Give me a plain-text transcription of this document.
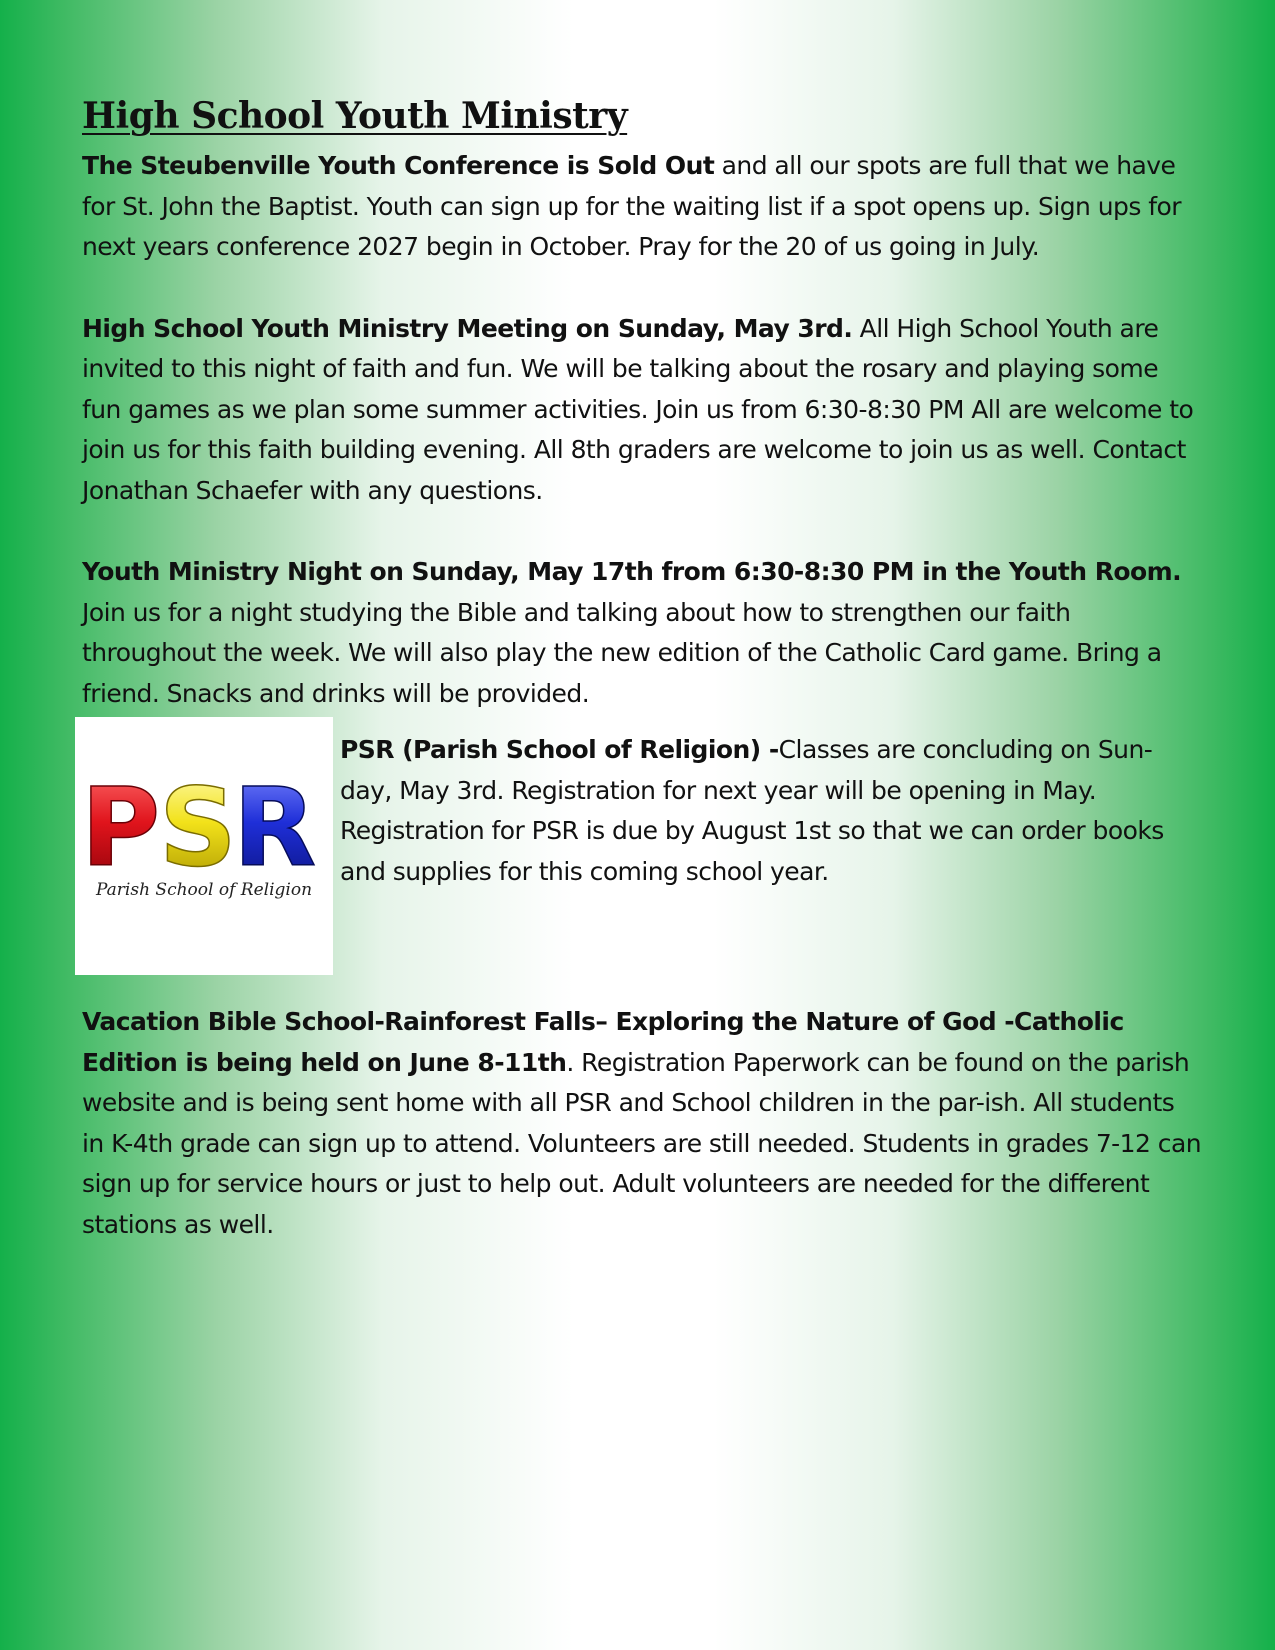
High School Youth Ministry

The Steubenville Youth Conference is Sold Out and all our spots are full that we have for St. John the Baptist. Youth can sign up for the waiting list if a spot opens up. Sign ups for next years conference 2027 begin in October. Pray for the 20 of us going in July.

High School Youth Ministry Meeting on Sunday, May 3rd. All High School Youth are invited to this night of faith and fun. We will be talking about the rosary and playing some fun games as we plan some summer activities. Join us from 6:30-8:30 PM All are welcome to join us for this faith building evening. All 8th graders are welcome to join us as well. Contact Jonathan Schaefer with any questions.

Youth Ministry Night on Sunday, May 17th from 6:30-8:30 PM in the Youth Room. Join us for a night studying the Bible and talking about how to strengthen our faith throughout the week. We will also play the new edition of the Catholic Card game. Bring a friend. Snacks and drinks will be provided.

P
S
R
Parish School of Religion

PSR (Parish School of Religion) -Classes are concluding on Sun-day, May 3rd. Registration for next year will be opening in May. Registration for PSR is due by August 1st so that we can order books and supplies for this coming school year.

Vacation Bible School-Rainforest Falls– Exploring the Nature of God -Catholic Edition is being held on June 8-11th. Registration Paperwork can be found on the parish website and is being sent home with all PSR and School children in the par-ish. All students in K-4th grade can sign up to attend. Volunteers are still needed. Students in grades 7-12 can sign up for service hours or just to help out. Adult volunteers are needed for the different stations as well.
